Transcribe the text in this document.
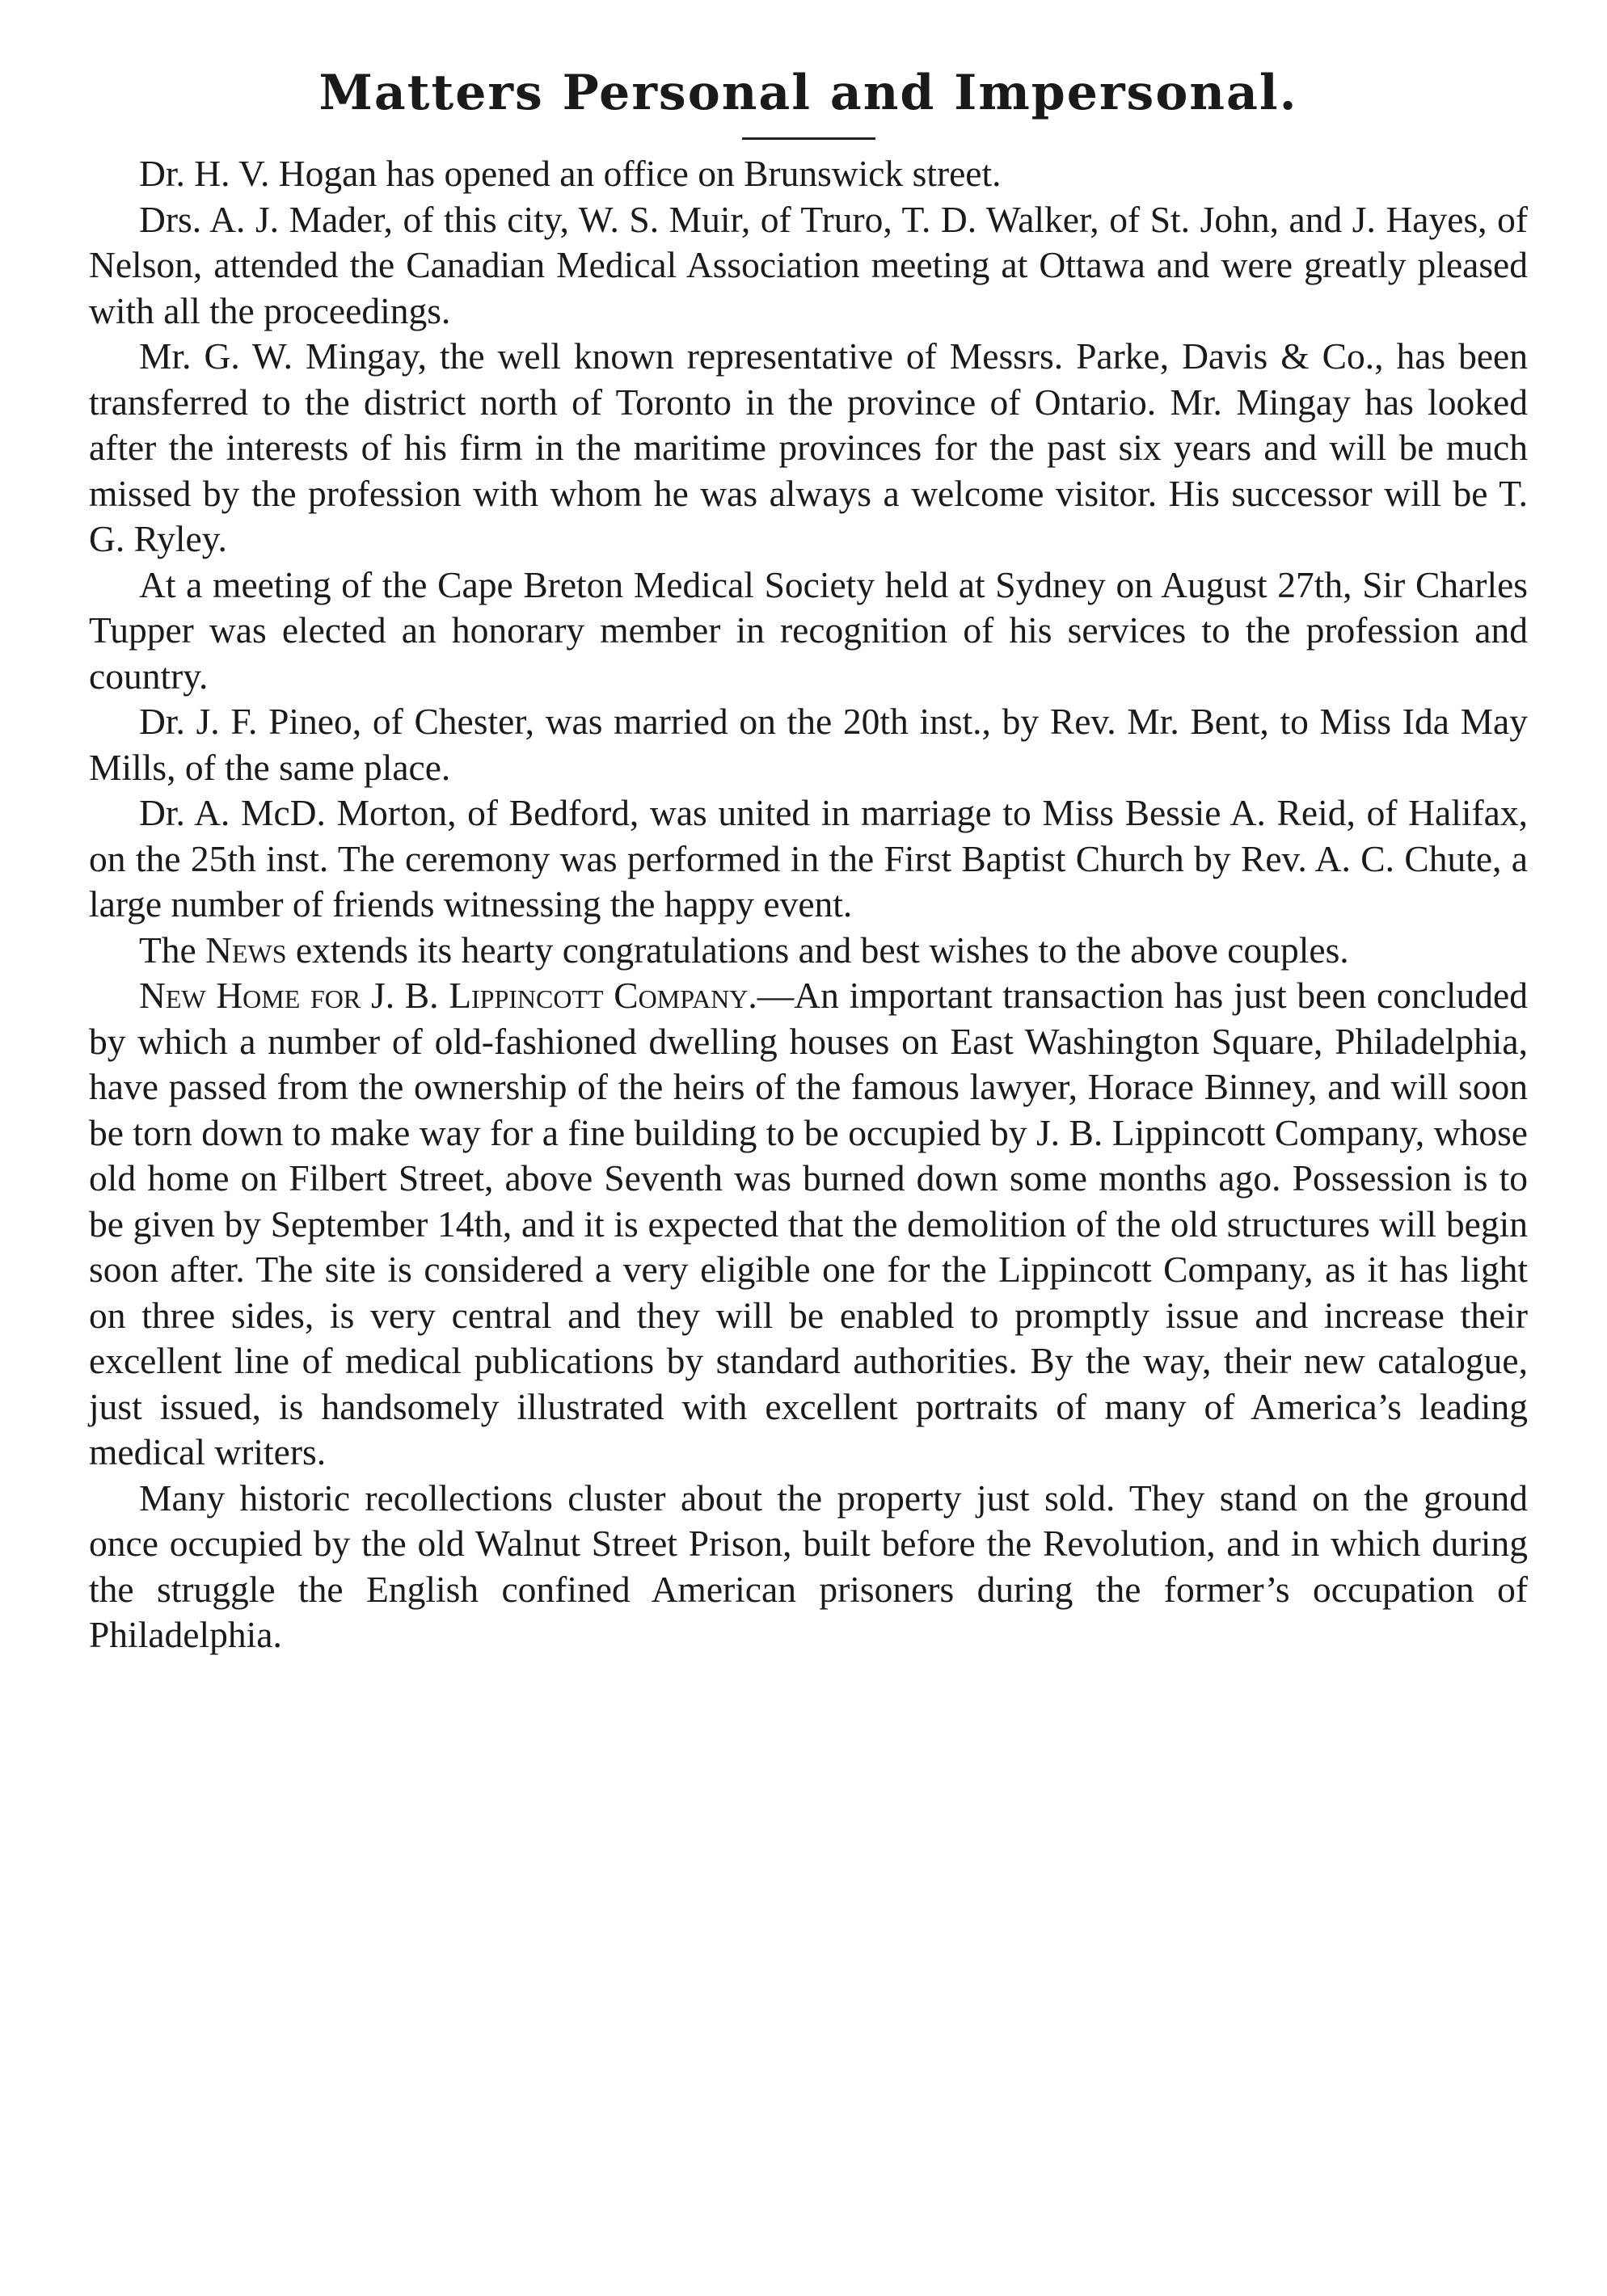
Matters Personal and Impersonal.

Dr. H. V. Hogan has opened an office on Brunswick street.

Drs. A. J. Mader, of this city, W. S. Muir, of Truro, T. D. Walker, of St. John, and J. Hayes, of Nelson, attended the Canadian Medical Association meeting at Ottawa and were greatly pleased with all the proceedings.

Mr. G. W. Mingay, the well known representative of Messrs. Parke, Davis & Co., has been transferred to the district north of Toronto in the province of Ontario. Mr. Mingay has looked after the interests of his firm in the maritime provinces for the past six years and will be much missed by the profession with whom he was always a welcome visitor. His successor will be T. G. Ryley.

At a meeting of the Cape Breton Medical Society held at Sydney on August 27th, Sir Charles Tupper was elected an honorary member in recognition of his services to the profession and country.

Dr. J. F. Pineo, of Chester, was married on the 20th inst., by Rev. Mr. Bent, to Miss Ida May Mills, of the same place.

Dr. A. McD. Morton, of Bedford, was united in marriage to Miss Bessie A. Reid, of Halifax, on the 25th inst. The ceremony was performed in the First Baptist Church by Rev. A. C. Chute, a large number of friends witnessing the happy event.

The News extends its hearty congratulations and best wishes to the above couples.

New Home for J. B. Lippincott Company.—An important transaction has just been concluded by which a number of old-fashioned dwelling houses on East Washington Square, Philadelphia, have passed from the ownership of the heirs of the famous lawyer, Horace Binney, and will soon be torn down to make way for a fine building to be occupied by J. B. Lippincott Company, whose old home on Filbert Street, above Seventh was burned down some months ago. Possession is to be given by September 14th, and it is expected that the demolition of the old structures will begin soon after. The site is considered a very eligible one for the Lippincott Company, as it has light on three sides, is very central and they will be enabled to promptly issue and increase their excellent line of medical publications by standard authorities. By the way, their new catalogue, just issued, is handsomely illustrated with excellent portraits of many of America’s leading medical writers.

Many historic recollections cluster about the property just sold. They stand on the ground once occupied by the old Walnut Street Prison, built before the Revolution, and in which during the struggle the English confined American prisoners during the former’s occupation of Philadelphia.
